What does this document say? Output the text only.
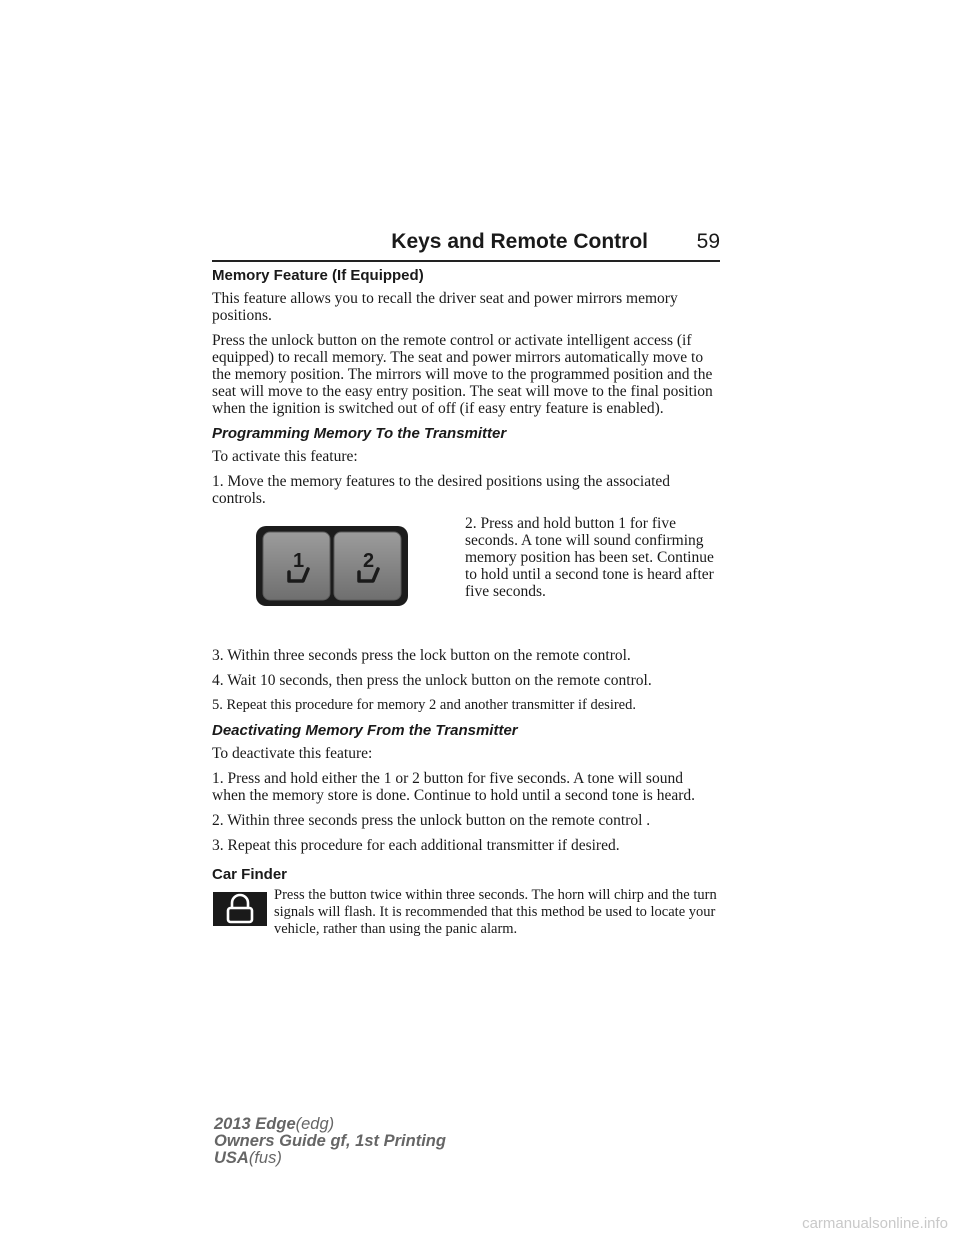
Keys and Remote Control 59
Memory Feature (If Equipped)

This feature allows you to recall the driver seat and power mirrors memory positions.

Press the unlock button on the remote control or activate intelligent access (if equipped) to recall memory. The seat and power mirrors automatically move to the memory position. The mirrors will move to the programmed position and the seat will move to the easy entry position. The seat will move to the final position when the ignition is switched out of off (if easy entry feature is enabled).

Programming Memory To the Transmitter

To activate this feature:

1. Move the memory features to the desired positions using the associated controls.

1	2
2. Press and hold button 1 for five seconds. A tone will sound confirming memory position has been set. Continue to hold until a second tone is heard after five seconds.

3. Within three seconds press the lock button on the remote control.

4. Wait 10 seconds, then press the unlock button on the remote control.

5. Repeat this procedure for memory 2 and another transmitter if desired.

Deactivating Memory From the Transmitter

To deactivate this feature:

1. Press and hold either the 1 or 2 button for five seconds. A tone will sound when the memory store is done. Continue to hold until a second tone is heard.

2. Within three seconds press the unlock button on the remote control .

3. Repeat this procedure for each additional transmitter if desired.

Car Finder
Press the button twice within three seconds. The horn will chirp and the turn signals will flash. It is recommended that this method be used to locate your vehicle, rather than using the panic alarm.
2013 Edge(edg)
Owners Guide gf, 1st Printing
USA(fus)
carmanualsonline.info
